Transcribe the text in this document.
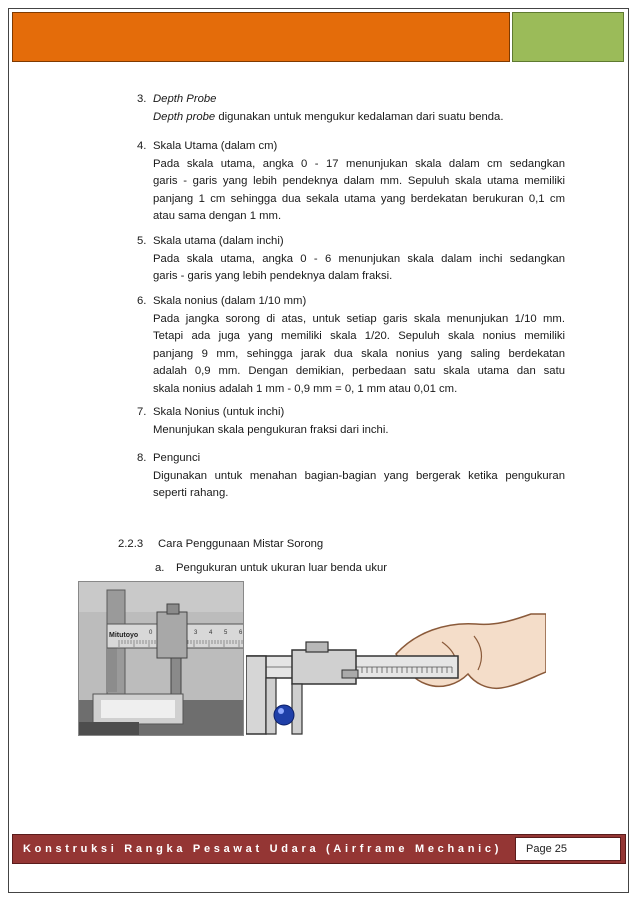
3. Depth Probe
Depth probe digunakan untuk mengukur kedalaman dari suatu benda.
4. Skala Utama (dalam cm)
Pada skala utama, angka 0 - 17 menunjukan skala dalam cm sedangkan
garis - garis yang lebih pendeknya dalam mm. Sepuluh skala utama memiliki
panjang 1 cm sehingga dua sekala utama yang berdekatan berukuran 0,1 cm
atau sama dengan 1 mm.
5. Skala utama (dalam inchi)
Pada skala utama, angka 0 - 6 menunjukan skala dalam inchi sedangkan
garis - garis yang lebih pendeknya dalam fraksi.
6. Skala nonius (dalam 1/10 mm)
Pada jangka sorong di atas, untuk setiap garis skala menunjukan 1/10 mm.
Tetapi ada juga yang memiliki skala 1/20. Sepuluh skala nonius memiliki
panjang 9 mm, sehingga jarak dua skala nonius yang saling berdekatan
adalah 0,9 mm. Dengan demikian, perbedaan satu skala utama dan satu
skala nonius adalah 1 mm - 0,9 mm = 0, 1 mm atau 0,01 cm.
7. Skala Nonius (untuk inchi)
Menunjukan skala pengukuran fraksi dari inchi.
8. Pengunci
Digunakan untuk menahan bagian-bagian yang bergerak ketika pengukuran
seperti rahang.
2.2.3 Cara Penggunaan Mistar Sorong
a. Pengukuran untuk ukuran luar benda ukur
0	3 4 5 6
Mitutoyo
Konstruksi Rangka Pesawat Udara (Airframe Mechanic)	Page 25
